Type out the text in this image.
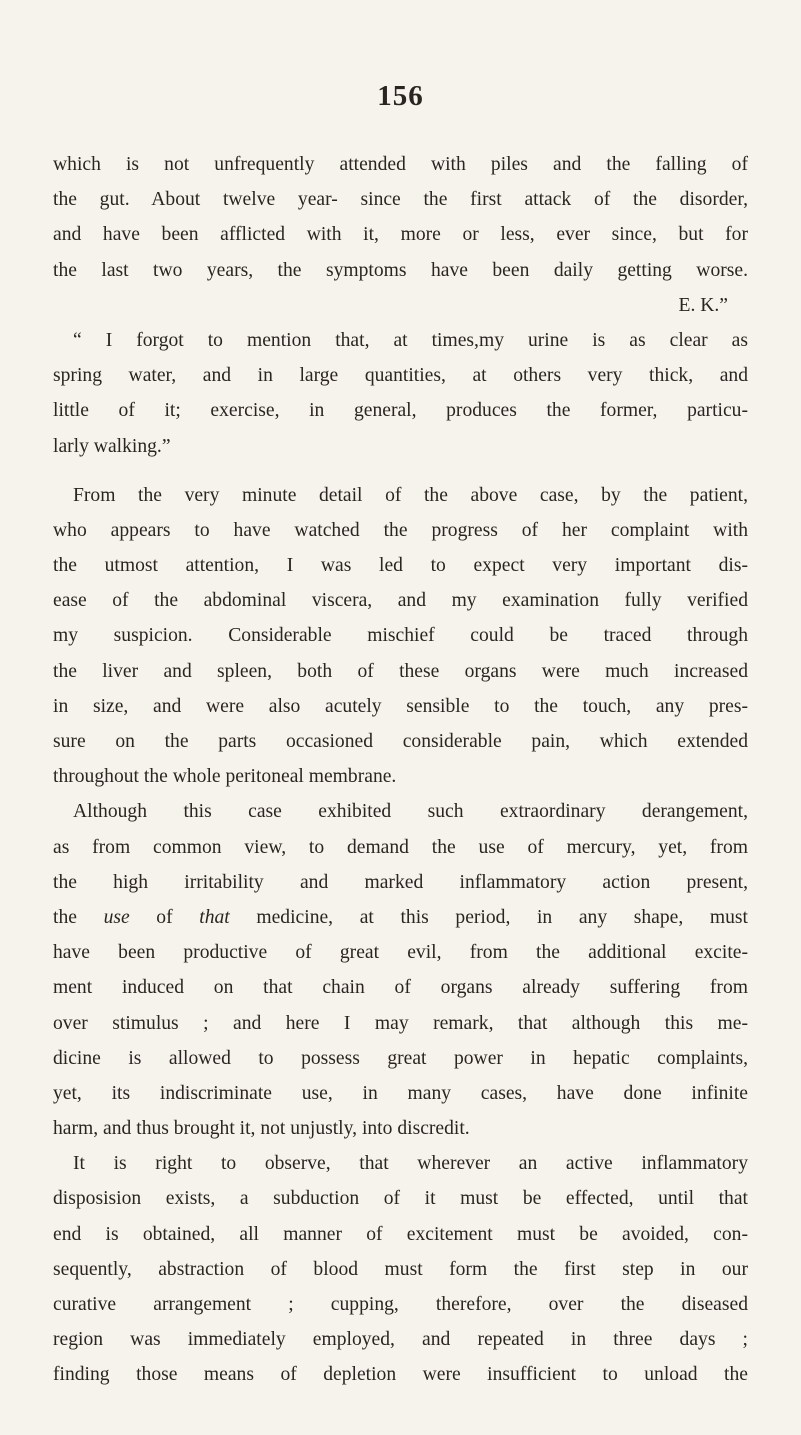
156
which is not unfrequently attended with piles and the falling of
the gut. About twelve year- since the first attack of the disorder,
and have been afflicted with it, more or less, ever since, but for
the last two years, the symptoms have been daily getting worse.
E. K.”
“ I forgot to mention that, at times,my urine is as clear as
spring water, and in large quantities, at others very thick, and
little of it; exercise, in general, produces the former, particu-
larly walking.”
From the very minute detail of the above case, by the patient,
who appears to have watched the progress of her complaint with
the utmost attention, I was led to expect very important dis-
ease of the abdominal viscera, and my examination fully verified
my suspicion. Considerable mischief could be traced through
the liver and spleen, both of these organs were much increased
in size, and were also acutely sensible to the touch, any pres-
sure on the parts occasioned considerable pain, which extended
throughout the whole peritoneal membrane.
Although this case exhibited such extraordinary derangement,
as from common view, to demand the use of mercury, yet, from
the high irritability and marked inflammatory action present,
the use of that medicine, at this period, in any shape, must
have been productive of great evil, from the additional excite-
ment induced on that chain of organs already suffering from
over stimulus ; and here I may remark, that although this me-
dicine is allowed to possess great power in hepatic complaints,
yet, its indiscriminate use, in many cases, have done infinite
harm, and thus brought it, not unjustly, into discredit.
It is right to observe, that wherever an active inflammatory
disposision exists, a subduction of it must be effected, until that
end is obtained, all manner of excitement must be avoided, con-
sequently, abstraction of blood must form the first step in our
curative arrangement ; cupping, therefore, over the diseased
region was immediately employed, and repeated in three days ;
finding those means of depletion were insufficient to unload the
